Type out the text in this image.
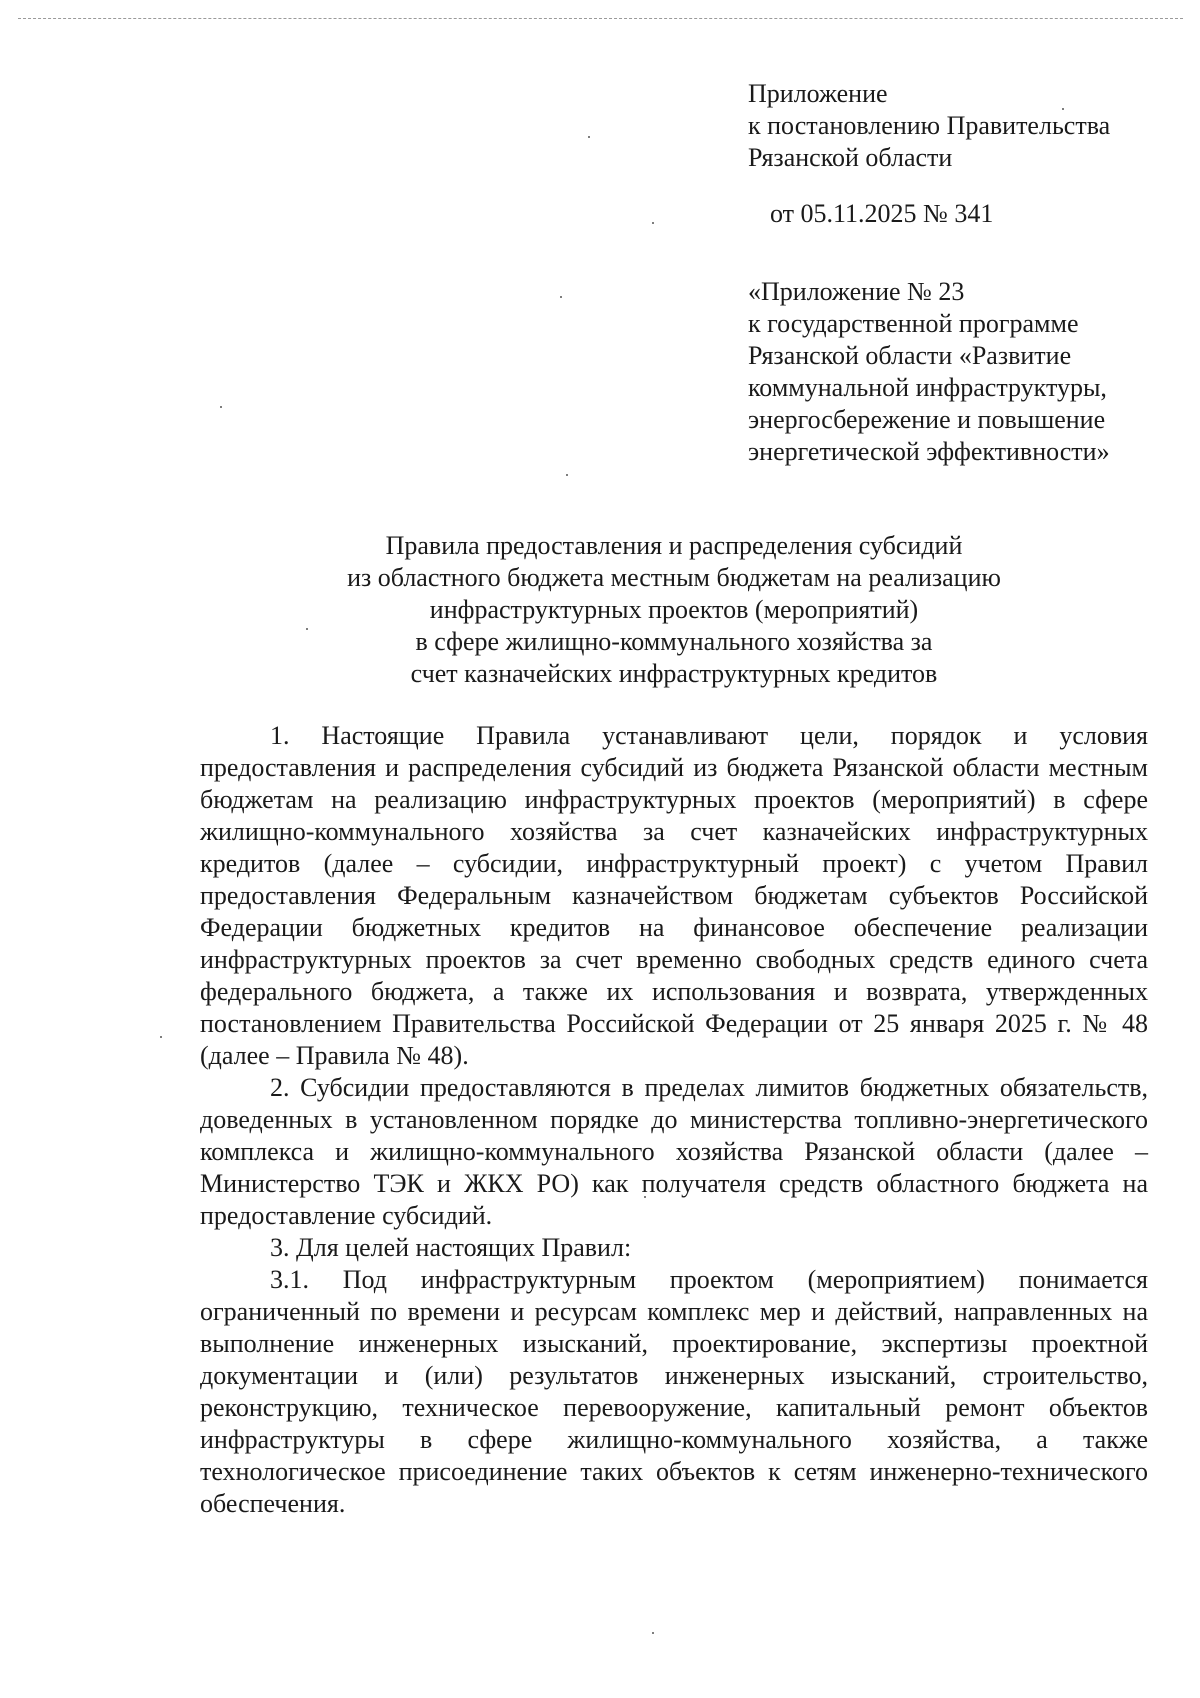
Приложение
к постановлению Правительства
Рязанской области
от 05.11.2025 № 341
«Приложение № 23
к государственной программе
Рязанской области «Развитие
коммунальной инфраструктуры,
энергосбережение и повышение
энергетической эффективности»
Правила предоставления и распределения субсидий
из областного бюджета местным бюджетам на реализацию
инфраструктурных проектов (мероприятий)
в сфере жилищно-коммунального хозяйства за
счет казначейских инфраструктурных кредитов

1. Настоящие Правила устанавливают цели, порядок и условия предоставления и распределения субсидий из бюджета Рязанской области местным бюджетам на реализацию инфраструктурных проектов (мероприятий) в сфере жилищно-коммунального хозяйства за счет казначейских инфраструктурных кредитов (далее – субсидии, инфраструктурный проект) с учетом Правил предоставления Федеральным казначейством бюджетам субъектов Российской Федерации бюджетных кредитов на финансовое обеспечение реализации инфраструктурных проектов за счет временно свободных средств единого счета федерального бюджета, а также их использования и возврата, утвержденных постановлением Правительства Российской Федерации от 25 января 2025 г. № 48 (далее – Правила № 48).

2. Субсидии предоставляются в пределах лимитов бюджетных обязательств, доведенных в установленном порядке до министерства топливно-энергетического комплекса и жилищно-коммунального хозяйства Рязанской области (далее – Министерство ТЭК и ЖКХ РО) как получателя средств областного бюджета на предоставление субсидий.

3. Для целей настоящих Правил:

3.1. Под инфраструктурным проектом (мероприятием) понимается ограниченный по времени и ресурсам комплекс мер и действий, направленных на выполнение инженерных изысканий, проектирование, экспертизы проектной документации и (или) результатов инженерных изысканий, строительство, реконструкцию, техническое перевооружение, капитальный ремонт объектов инфраструктуры в сфере жилищно-коммунального хозяйства, а также технологическое присоединение таких объектов к сетям инженерно-технического обеспечения.
